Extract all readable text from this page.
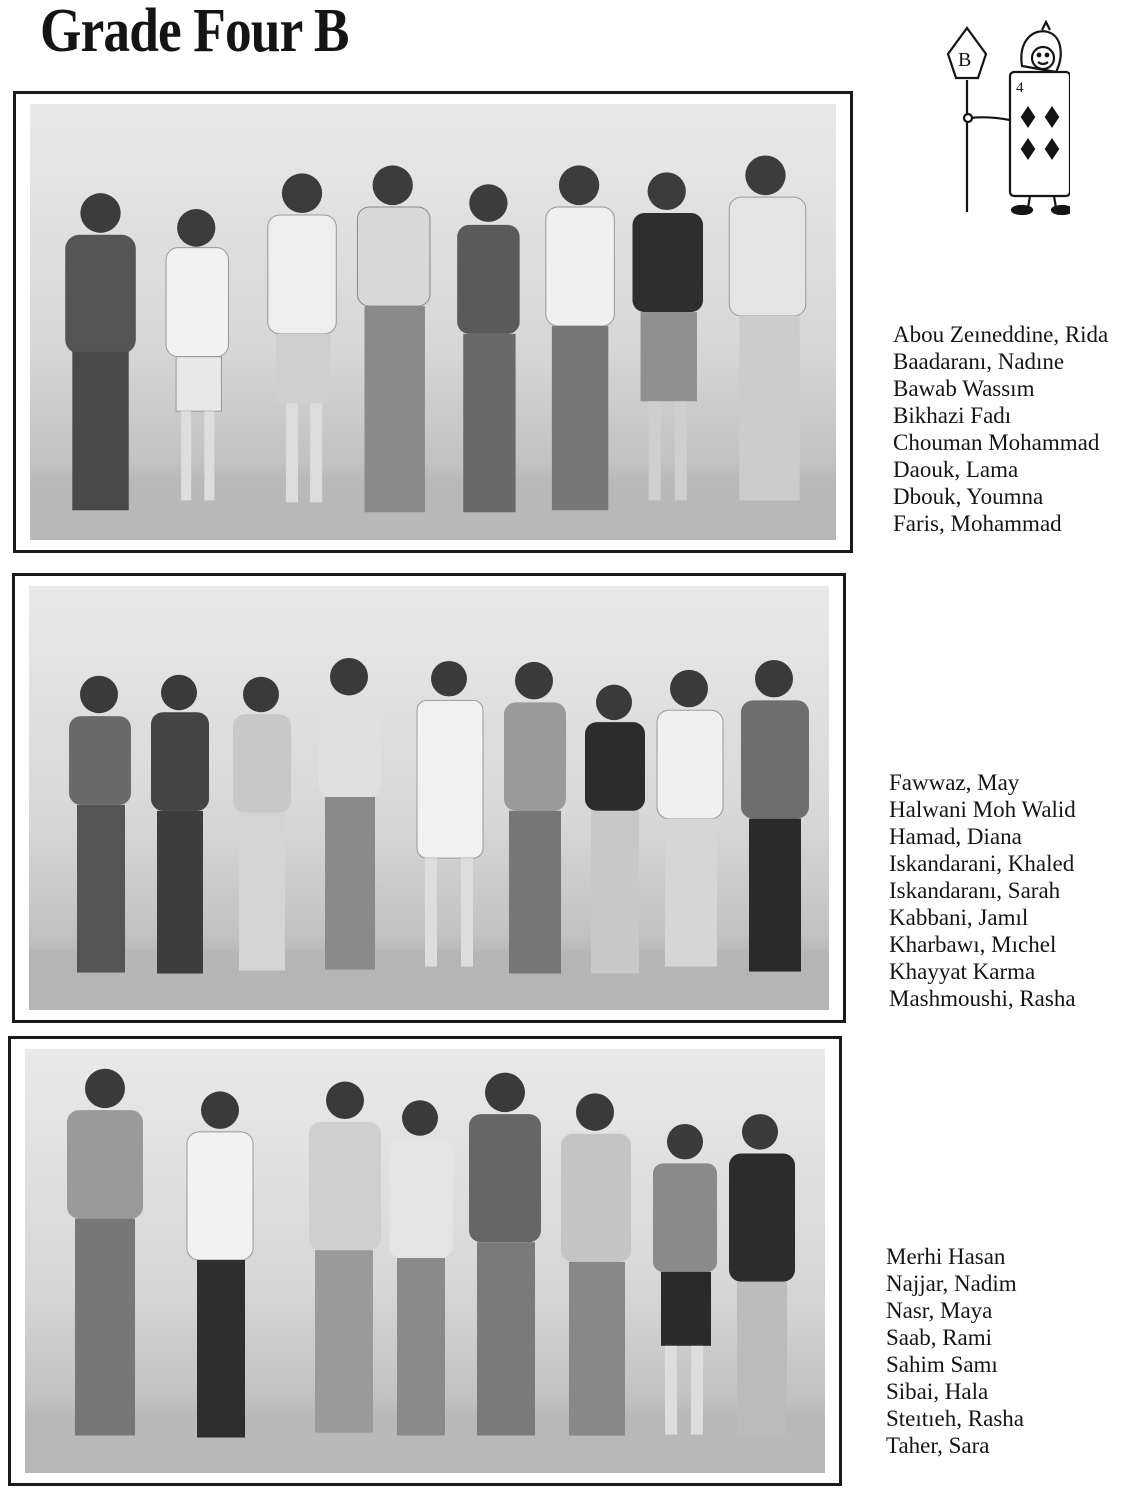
Grade Four B	B
4
Abou Zeıneddine, Rida
Baadaranı, Nadıne
Bawab Wassım
Bikhazi Fadı
Chouman Mohammad
Daouk, Lama
Dbouk, Youmna
Faris, Mohammad
Fawwaz, May
Halwani Moh Walid
Hamad, Diana
Iskandarani, Khaled
Iskandaranı, Sarah
Kabbani, Jamıl
Kharbawı, Mıchel
Khayyat Karma
Mashmoushi, Rasha
Merhi Hasan
Najjar, Nadim
Nasr, Maya
Saab, Rami
Sahim Samı
Sibai, Hala
Steıtıeh, Rasha
Taher, Sara
